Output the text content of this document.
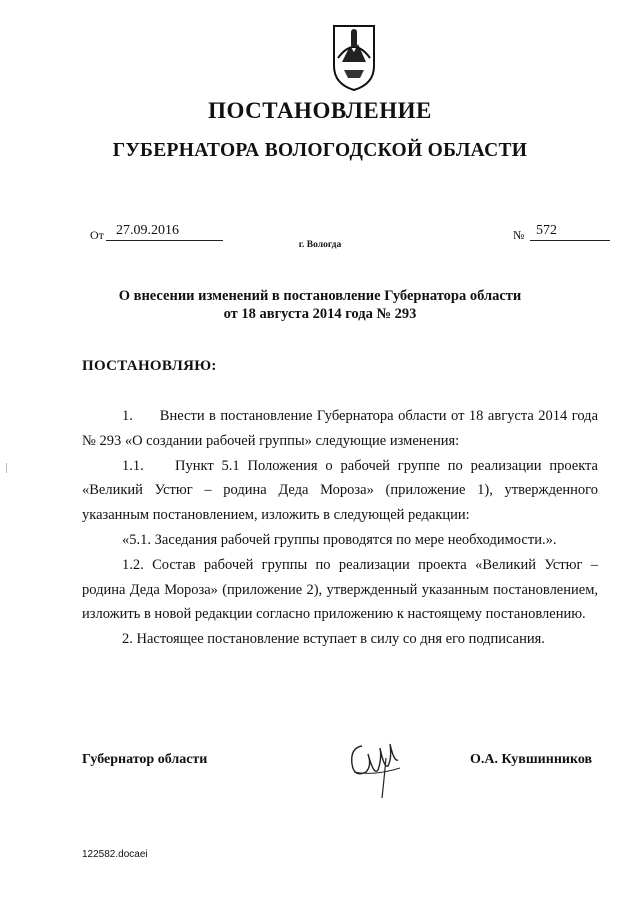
ПОСТАНОВЛЕНИЕ
ГУБЕРНАТОРА ВОЛОГОДСКОЙ ОБЛАСТИ
От 27.09.2016	№ 572
г. Вологда
О внесении изменений в постановление Губернатора области
от 18 августа 2014 года № 293
ПОСТАНОВЛЯЮ:
1.      Внести в постановление Губернатора области от 18 августа 2014 года № 293 «О создании рабочей группы» следующие изменения:
1.1.    Пункт 5.1 Положения о рабочей группе по реализации проекта «Великий Устюг – родина Деда Мороза» (приложение 1), утвержденного указанным постановлением, изложить в следующей редакции:
«5.1. Заседания рабочей группы проводятся по мере необходимости.».
1.2. Состав рабочей группы по реализации проекта «Великий Устюг – родина Деда Мороза» (приложение 2), утвержденный указанным постановлением, изложить в новой редакции согласно приложению к настоящему постановлению.
2. Настоящее постановление вступает в силу со дня его подписания.
Губернатор области	О.А. Кувшинников
122582.docaei
